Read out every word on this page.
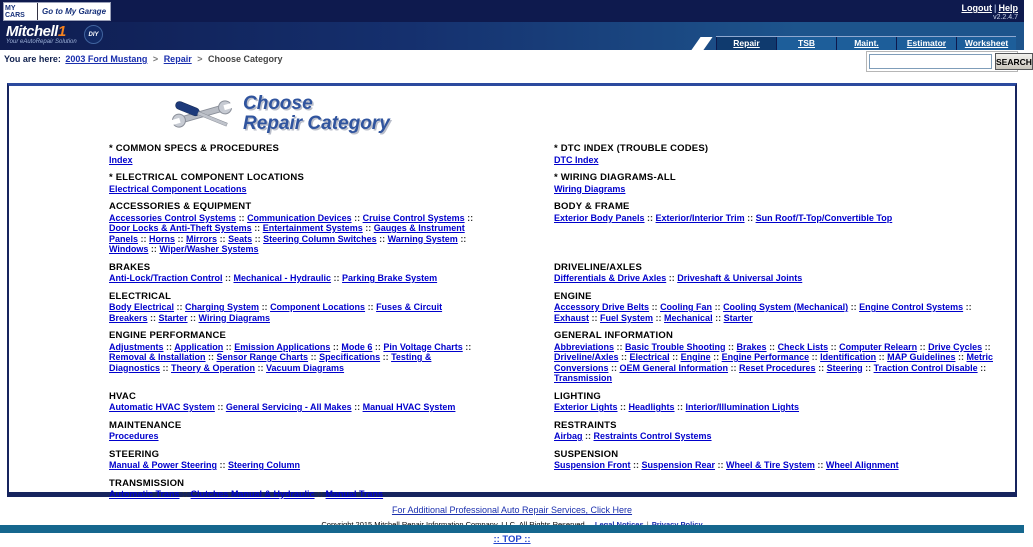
MY CARS	Go to My Garage	Logout | Help
v2.2.4.7
Mitchell1
Your eAutoRepair Solution
DIY
Repair	TSB	Maint.	Estimator	Worksheet
You are here: 2003 Ford Mustang > Repair > Choose Category	SEARCH
Choose
Repair Category
* COMMON SPECS & PROCEDURES
Index
* DTC INDEX (TROUBLE CODES)
DTC Index
* ELECTRICAL COMPONENT LOCATIONS
Electrical Component Locations
* WIRING DIAGRAMS-ALL
Wiring Diagrams
ACCESSORIES & EQUIPMENT
Accessories Control Systems :: Communication Devices :: Cruise Control Systems :: Door Locks & Anti-Theft Systems :: Entertainment Systems :: Gauges & Instrument Panels :: Horns :: Mirrors :: Seats :: Steering Column Switches :: Warning System :: Windows :: Wiper/Washer Systems
BODY & FRAME
Exterior Body Panels :: Exterior/Interior Trim :: Sun Roof/T-Top/Convertible Top
BRAKES
Anti-Lock/Traction Control :: Mechanical - Hydraulic :: Parking Brake System
DRIVELINE/AXLES
Differentials & Drive Axles :: Driveshaft & Universal Joints
ELECTRICAL
Body Electrical :: Charging System :: Component Locations :: Fuses & Circuit Breakers :: Starter :: Wiring Diagrams
ENGINE
Accessory Drive Belts :: Cooling Fan :: Cooling System (Mechanical) :: Engine Control Systems :: Exhaust :: Fuel System :: Mechanical :: Starter
ENGINE PERFORMANCE
Adjustments :: Application :: Emission Applications :: Mode 6 :: Pin Voltage Charts :: Removal & Installation :: Sensor Range Charts :: Specifications :: Testing & Diagnostics :: Theory & Operation :: Vacuum Diagrams
GENERAL INFORMATION
Abbreviations :: Basic Trouble Shooting :: Brakes :: Check Lists :: Computer Relearn :: Drive Cycles :: Driveline/Axles :: Electrical :: Engine :: Engine Performance :: Identification :: MAP Guidelines :: Metric Conversions :: OEM General Information :: Reset Procedures :: Steering :: Traction Control Disable :: Transmission
HVAC
Automatic HVAC System :: General Servicing - All Makes :: Manual HVAC System
LIGHTING
Exterior Lights :: Headlights :: Interior/Illumination Lights
MAINTENANCE
Procedures
RESTRAINTS
Airbag :: Restraints Control Systems
STEERING
Manual & Power Steering :: Steering Column
SUSPENSION
Suspension Front :: Suspension Rear :: Wheel & Tire System :: Wheel Alignment
TRANSMISSION
Automatic Trans :: Clutches Manual & Hydraulic :: Manual Trans
For Additional Professional Auto Repair Services, Click Here
:: TOP ::
